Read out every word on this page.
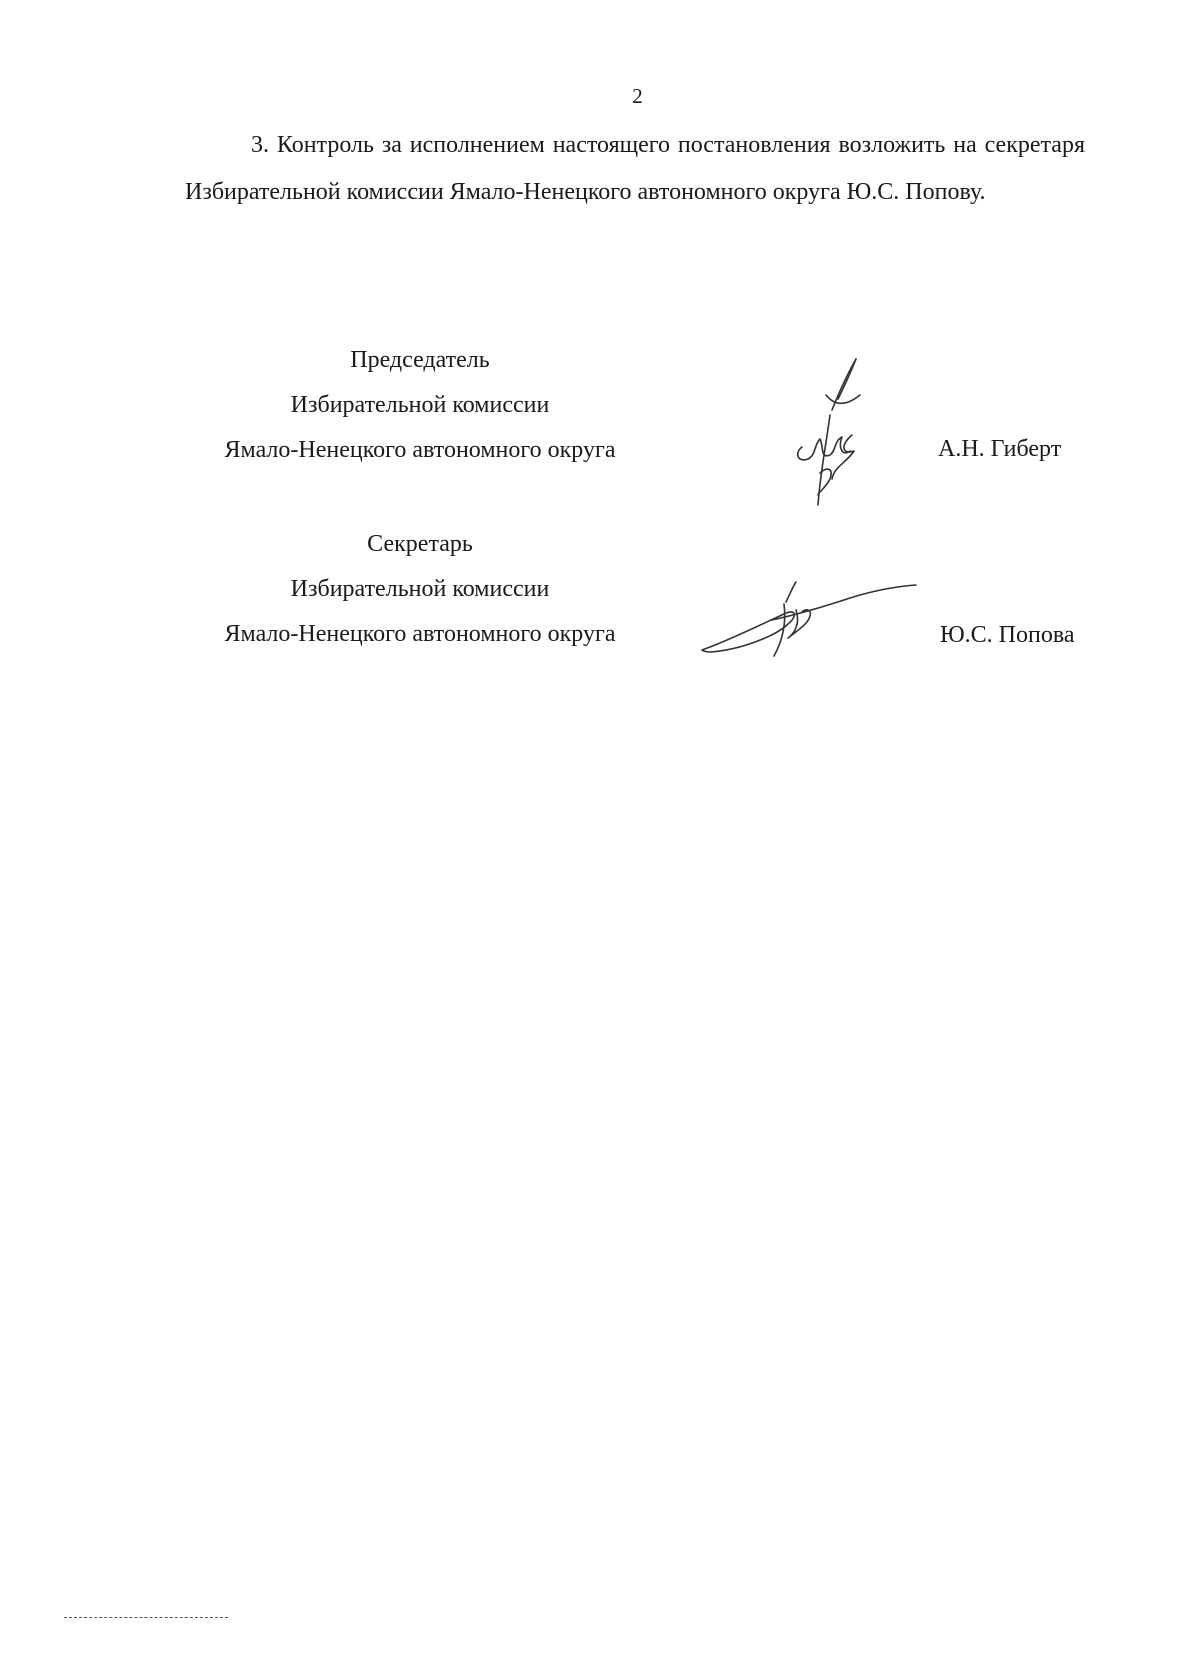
2

3. Контроль за исполнением настоящего постановления возложить на секретаря Избирательной комиссии Ямало-Ненецкого автономного округа Ю.С. Попову.

Председатель
Избирательной комиссии
Ямало-Ненецкого автономного округа	А.Н. Гиберт
Секретарь
Избирательной комиссии
Ямало-Ненецкого автономного округа	Ю.С. Попова
